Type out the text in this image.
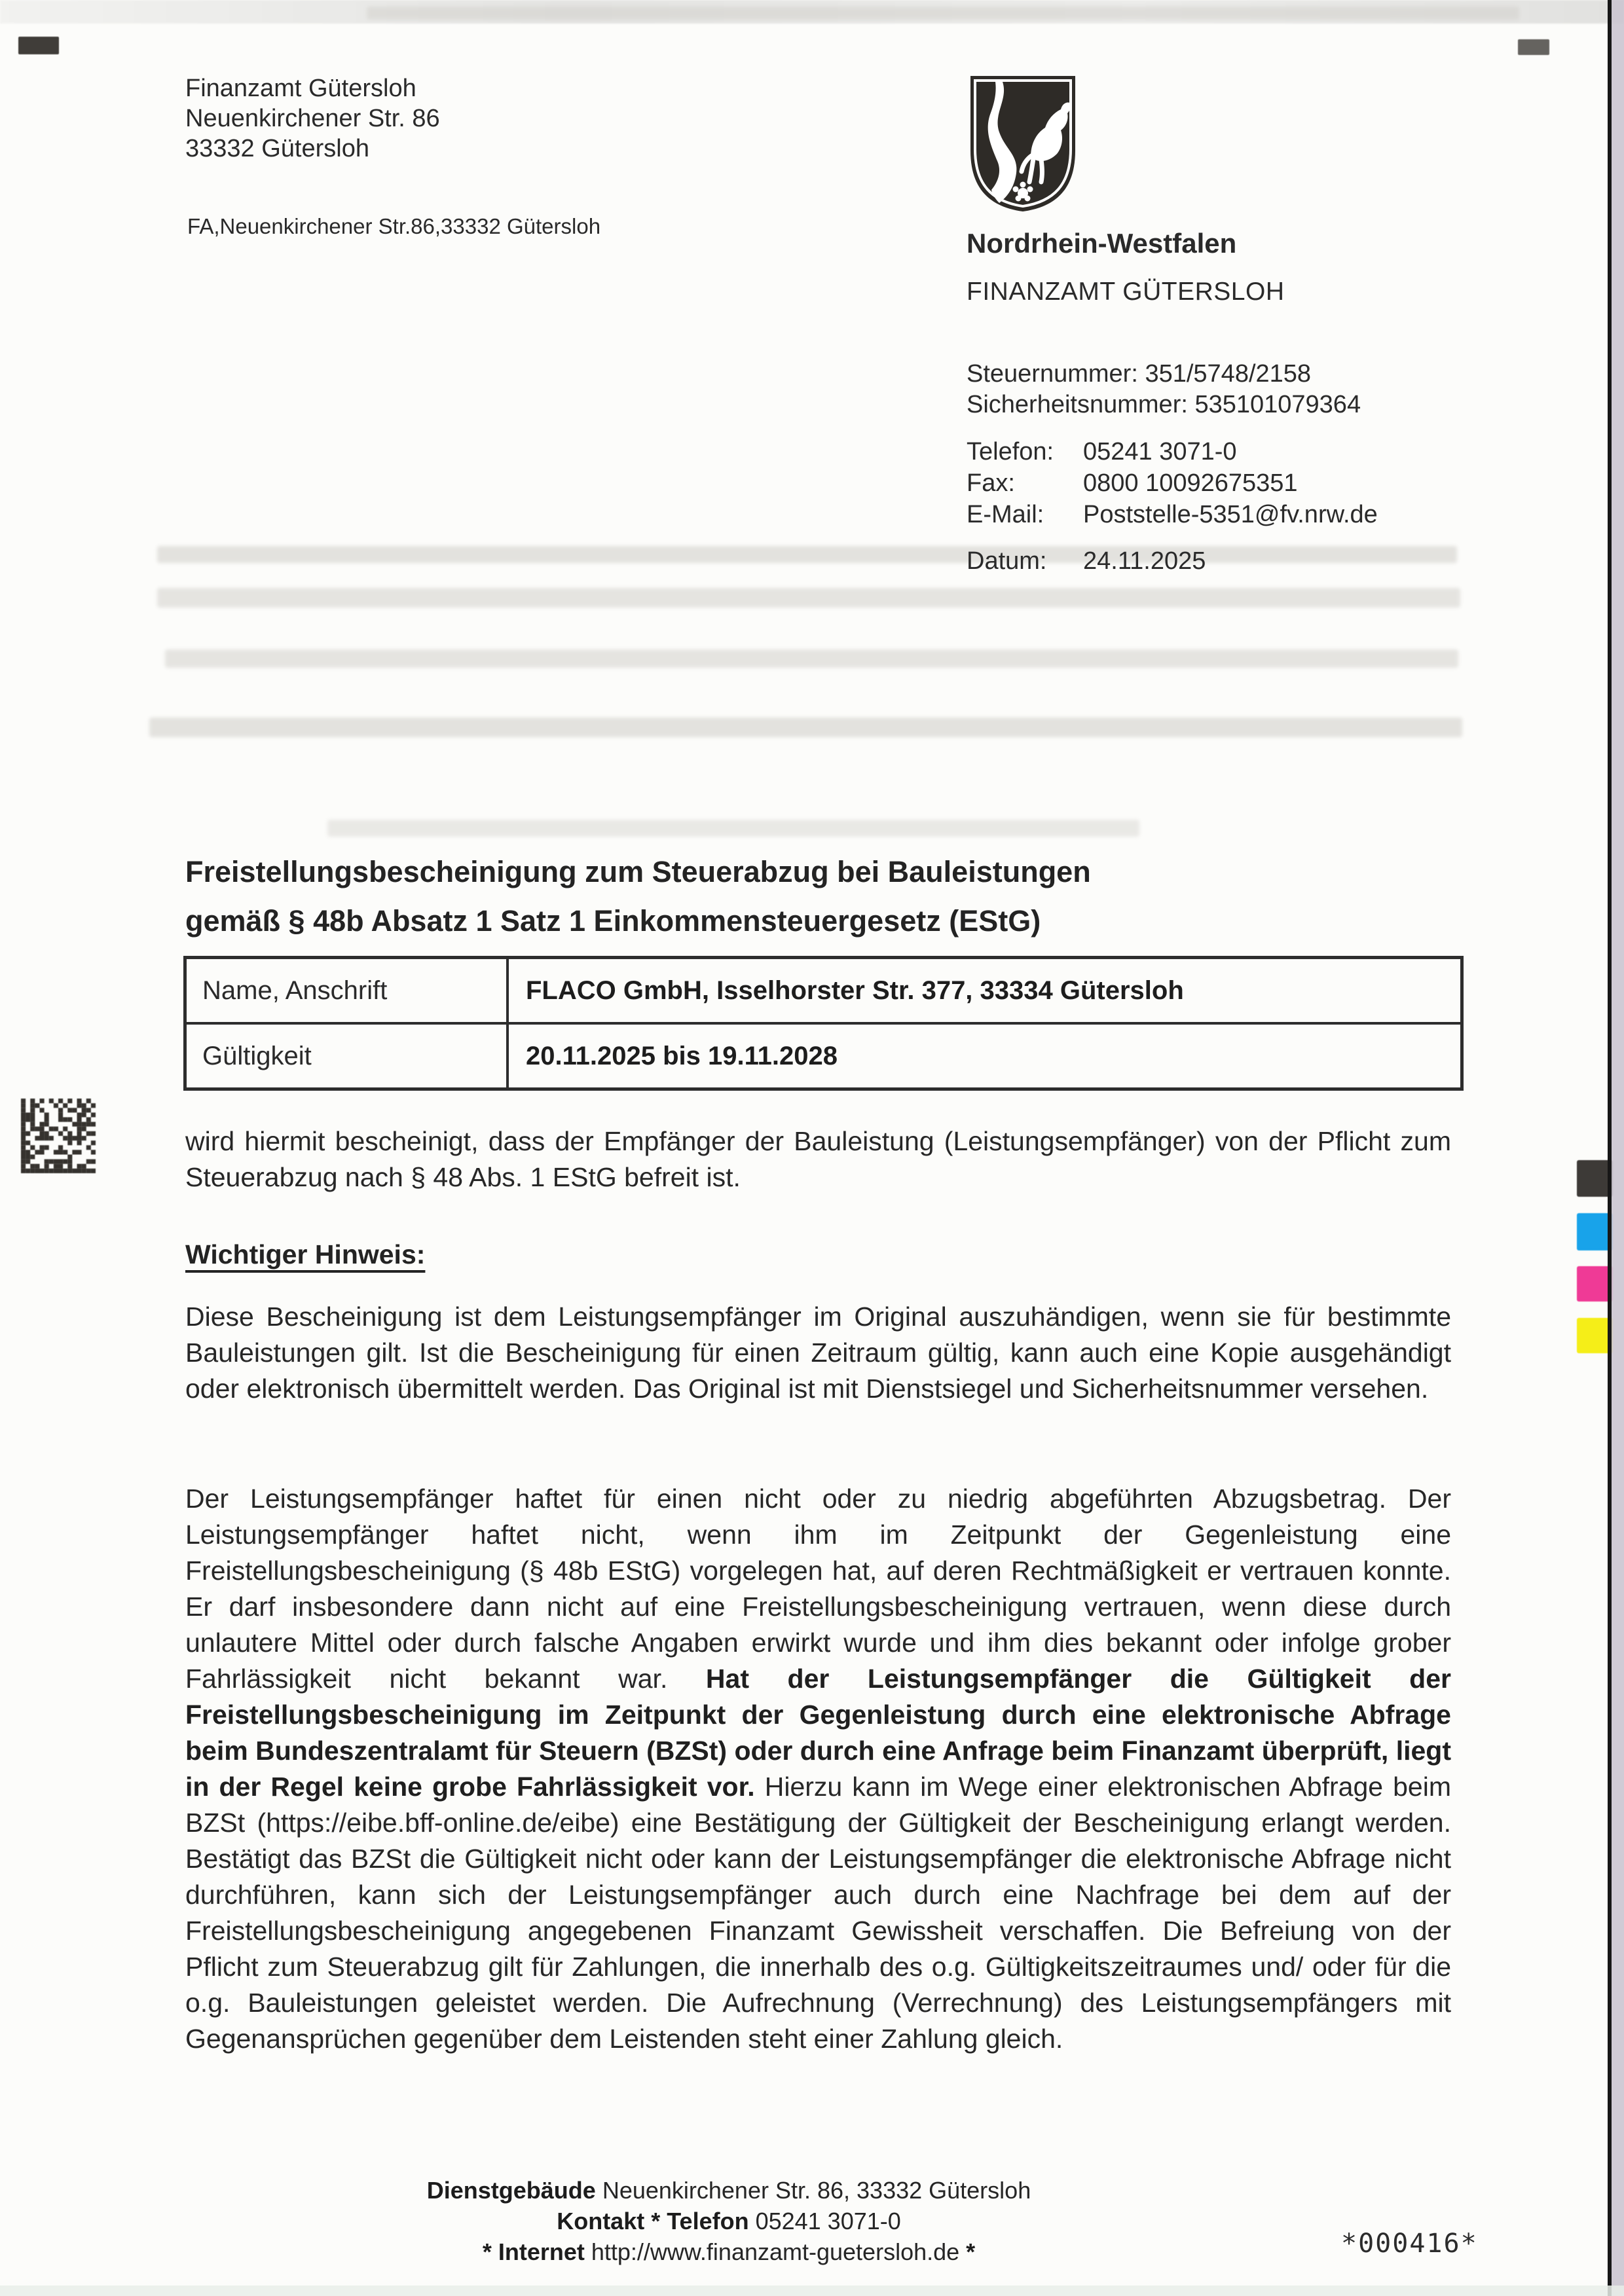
Finanzamt Gütersloh
Neuenkirchener Str. 86
33332 Gütersloh
FA,Neuenkirchener Str.86,33332 Gütersloh
Nordrhein-Westfalen
FINANZAMT GÜTERSLOH
Steuernummer: 351/5748/2158
Sicherheitsnummer: 535101079364
Telefon:	05241 3071-0
Fax:	0800 10092675351
E-Mail:	Poststelle-5351@fv.nrw.de
Datum:	24.11.2025
Freistellungsbescheinigung zum Steuerabzug bei Bauleistungen
gemäß § 48b Absatz 1 Satz 1 Einkommensteuergesetz (EStG)
Name, Anschrift	FLACO GmbH, Isselhorster Str. 377, 33334 Gütersloh
Gültigkeit	20.11.2025 bis 19.11.2028
wird hiermit bescheinigt, dass der Empfänger der Bauleistung (Leistungsempfänger) von der Pflicht zum Steuerabzug nach § 48 Abs. 1 EStG befreit ist.
Wichtiger Hinweis:
Diese Bescheinigung ist dem Leistungsempfänger im Original auszuhändigen, wenn sie für bestimmte Bauleistungen gilt. Ist die Bescheinigung für einen Zeitraum gültig, kann auch eine Kopie ausgehändigt oder elektronisch übermittelt werden. Das Original ist mit Dienstsiegel und Sicherheitsnummer versehen.
Der Leistungsempfänger haftet für einen nicht oder zu niedrig abgeführten Abzugsbetrag. Der Leistungsempfänger haftet nicht, wenn ihm im Zeitpunkt der Gegenleistung eine Freistellungsbescheinigung (§ 48b EStG) vorgelegen hat, auf deren Rechtmäßigkeit er vertrauen konnte. Er darf insbesondere dann nicht auf eine Freistellungsbescheinigung vertrauen, wenn diese durch unlautere Mittel oder durch falsche Angaben erwirkt wurde und ihm dies bekannt oder infolge grober Fahrlässigkeit nicht bekannt war. Hat der Leistungsempfänger die Gültigkeit der Freistellungsbescheinigung im Zeitpunkt der Gegenleistung durch eine elektronische Abfrage beim Bundeszentralamt für Steuern (BZSt) oder durch eine Anfrage beim Finanzamt überprüft, liegt in der Regel keine grobe Fahrlässigkeit vor. Hierzu kann im Wege einer elektronischen Abfrage beim BZSt (https://eibe.bff-online.de/eibe) eine Bestätigung der Gültigkeit der Bescheinigung erlangt werden. Bestätigt das BZSt die Gültigkeit nicht oder kann der Leistungsempfänger die elektronische Abfrage nicht durchführen, kann sich der Leistungsempfänger auch durch eine Nachfrage bei dem auf der Freistellungsbescheinigung angegebenen Finanzamt Gewissheit verschaffen. Die Befreiung von der Pflicht zum Steuerabzug gilt für Zahlungen, die innerhalb des o.g. Gültigkeitszeitraumes und/ oder für die o.g. Bauleistungen geleistet werden. Die Aufrechnung (Verrechnung) des Leistungsempfängers mit Gegenansprüchen gegenüber dem Leistenden steht einer Zahlung gleich.
Dienstgebäude Neuenkirchener Str. 86, 33332 Gütersloh
Kontakt * Telefon 05241 3071-0
* Internet http://www.finanzamt-guetersloh.de *	*000416*
